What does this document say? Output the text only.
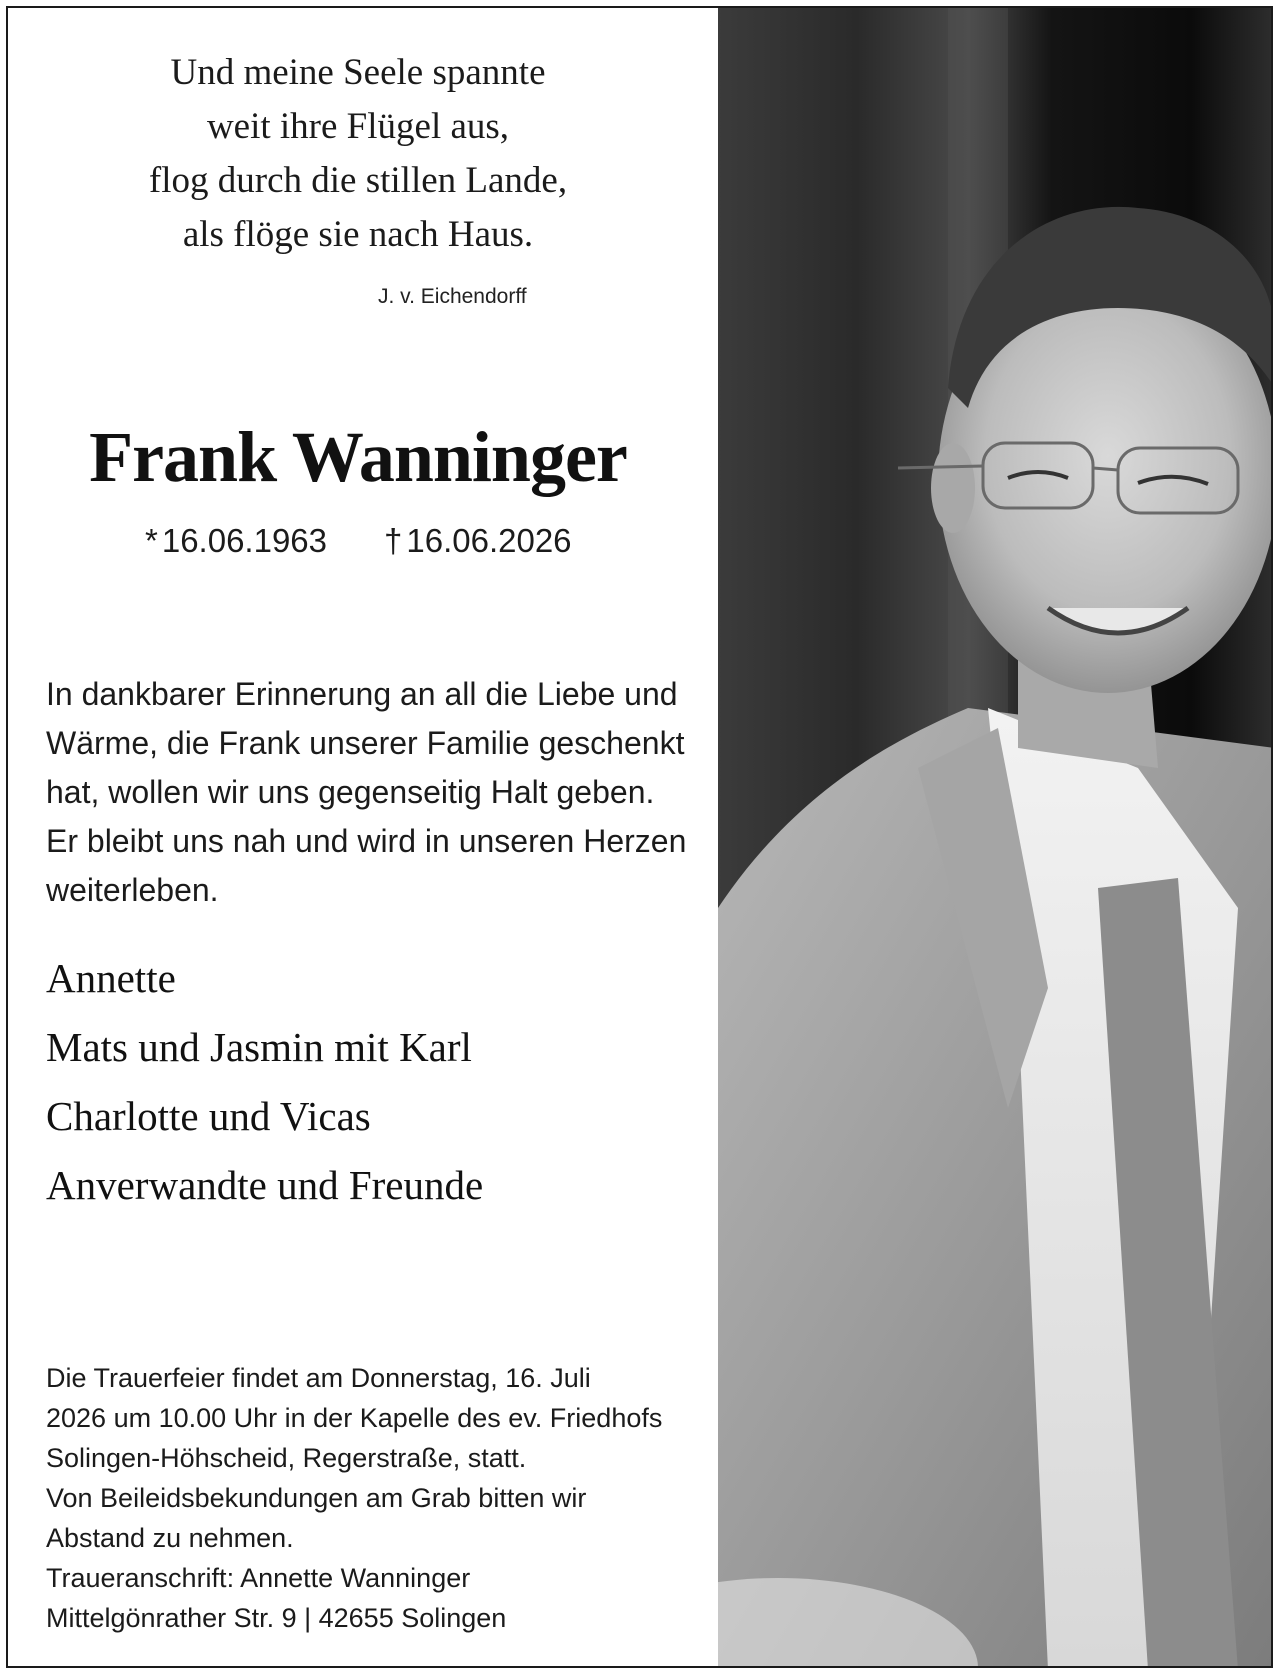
Und meine Seele spannte
weit ihre Flügel aus,
flog durch die stillen Lande,
als flöge sie nach Haus.
J. v. Eichendorff
Frank Wanninger
* 16.06.1963 † 16.06.2026
In dankbarer Erinnerung an all die Liebe und
Wärme, die Frank unserer Familie geschenkt
hat, wollen wir uns gegenseitig Halt geben.
Er bleibt uns nah und wird in unseren Herzen
weiterleben.
Annette
Mats und Jasmin mit Karl
Charlotte und Vicas
Anverwandte und Freunde
Die Trauerfeier findet am Donnerstag, 16. Juli
2026 um 10.00 Uhr in der Kapelle des ev. Friedhofs
Solingen-Höhscheid, Regerstraße, statt.
Von Beileidsbekundungen am Grab bitten wir
Abstand zu nehmen.
Traueranschrift: Annette Wanninger
Mittelgönrather Str. 9 | 42655 Solingen
